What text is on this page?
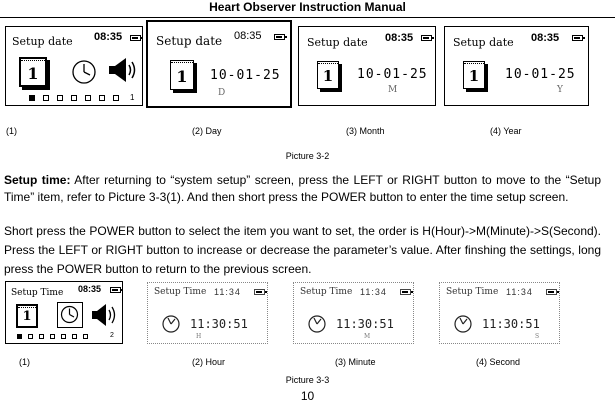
Heart Observer Instruction Manual
Setup date 08:35
1
1
Setup date 08:35
1	10-01-25
D
Setup date 08:35
1	10-01-25
M
Setup date 08:35
1	10-01-25
Y
(1)	(2) Day	(3) Month	(4) Year
Picture 3-2
Setup time: After returning to “system setup” screen, press the LEFT or RIGHT button to move to the “Setup Time” item, refer to Picture 3-3(1). And then short press the POWER button to enter the time setup screen.
Short press the POWER button to select the item you want to set, the order is H(Hour)->M(Minute)->S(Second). Press the LEFT or RIGHT button to increase or decrease the parameter’s value. After finshing the settings, long press the POWER button to return to the previous screen.
Setup Time 08:35
1
2
Setup Time 11:34
11:30:51
H
Setup Time 11:34
11:30:51
M
Setup Time 11:34
11:30:51
S
(1)	(2) Hour	(3) Minute	(4) Second
Picture 3-3
10
